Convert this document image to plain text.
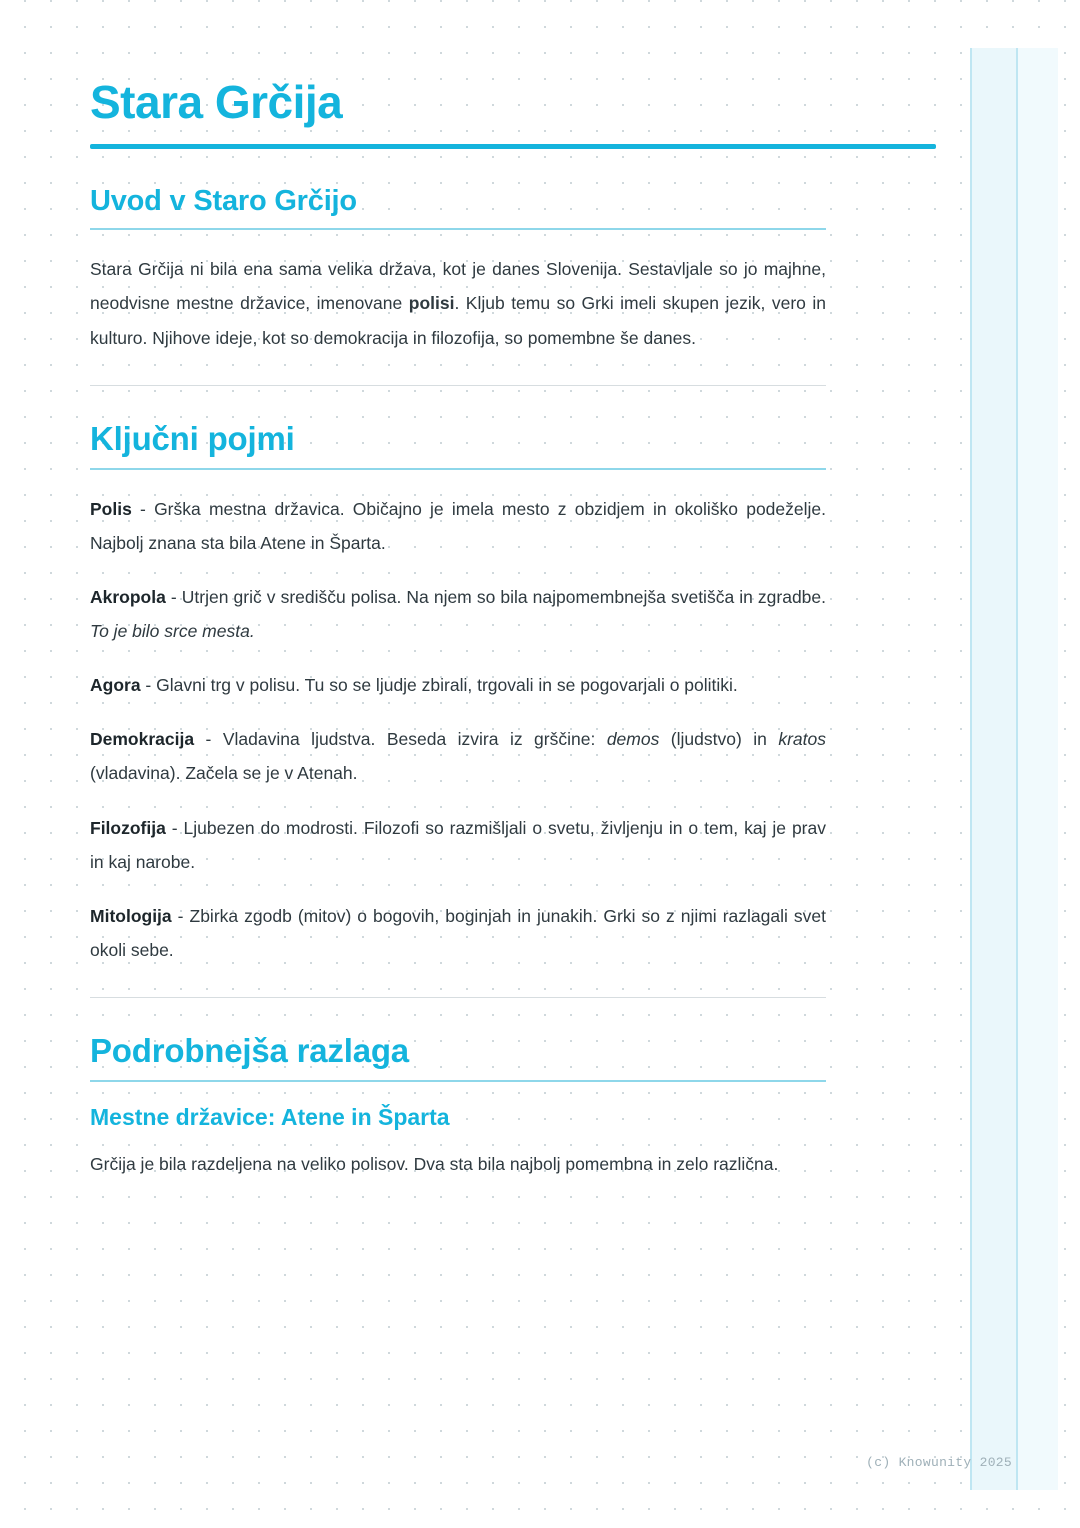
Stara Grčija
Uvod v Staro Grčijo

Stara Grčija ni bila ena sama velika država, kot je danes Slovenija. Sestavljale so jo majhne, neodvisne mestne državice, imenovane polisi. Kljub temu so Grki imeli skupen jezik, vero in kulturo. Njihove ideje, kot so demokracija in filozofija, so pomembne še danes.

Ključni pojmi

Polis - Grška mestna državica. Običajno je imela mesto z obzidjem in okoliško podeželje. Najbolj znana sta bila Atene in Šparta.

Akropola - Utrjen grič v središču polisa. Na njem so bila najpomembnejša svetišča in zgradbe. To je bilo srce mesta.

Agora - Glavni trg v polisu. Tu so se ljudje zbirali, trgovali in se pogovarjali o politiki.

Demokracija - Vladavina ljudstva. Beseda izvira iz grščine: demos (ljudstvo) in kratos (vladavina). Začela se je v Atenah.

Filozofija - Ljubezen do modrosti. Filozofi so razmišljali o svetu, življenju in o tem, kaj je prav in kaj narobe.

Mitologija - Zbirka zgodb (mitov) o bogovih, boginjah in junakih. Grki so z njimi razlagali svet okoli sebe.

Podrobnejša razlaga
Mestne državice: Atene in Šparta

Grčija je bila razdeljena na veliko polisov. Dva sta bila najbolj pomembna in zelo različna.

(c) Knowunity 2025
